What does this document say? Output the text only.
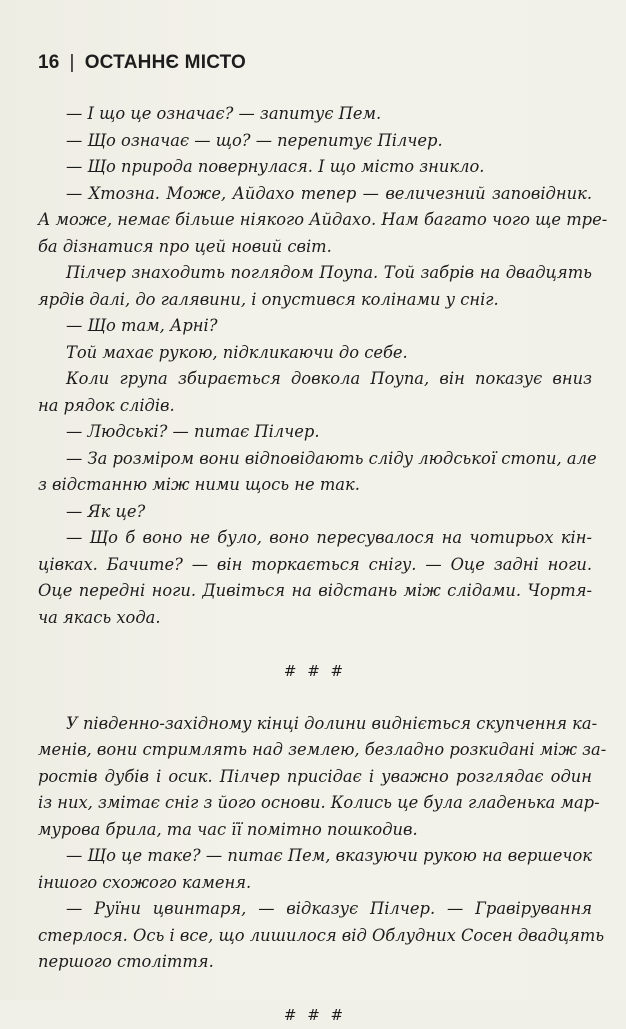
16 | ОСТАННЄ МІСТО
— І що це означає? — запитує Пем.
— Що означає — що? — перепитує Пілчер.
— Що природа повернулася. І що місто зникло.
— Хтозна. Може, Айдахо тепер — величезний заповідник.
А може, немає більше ніякого Айдахо. Нам багато чого ще тре-
ба дізнатися про цей новий світ.
Пілчер знаходить поглядом Поупа. Той забрів на двадцять
ярдів далі, до галявини, і опустився колінами у сніг.
— Що там, Арні?
Той махає рукою, підкликаючи до себе.
Коли група збирається довкола Поупа, він показує вниз
на рядок слідів.
— Людські? — питає Пілчер.
— За розміром вони відповідають сліду людської стопи, але
з відстанню між ними щось не так.
— Як це?
— Що б воно не було, воно пересувалося на чотирьох кін-
цівках. Бачите? — він торкається снігу. — Оце задні ноги.
Оце передні ноги. Дивіться на відстань між слідами. Чортя-
ча якась хода.
# # #
У південно-західному кінці долини видніється скупчення ка-
менів, вони стримлять над землею, безладно розкидані між за-
ростів дубів і осик. Пілчер присідає і уважно розглядає один
із них, змітає сніг з його основи. Колись це була гладенька мар-
мурова брила, та час її помітно пошкодив.
— Що це таке? — питає Пем, вказуючи рукою на вершечок
іншого схожого каменя.
— Руїни цвинтаря, — відказує Пілчер. — Гравірування
стерлося. Ось і все, що лишилося від Облудних Сосен двадцять
першого століття.
# # #
